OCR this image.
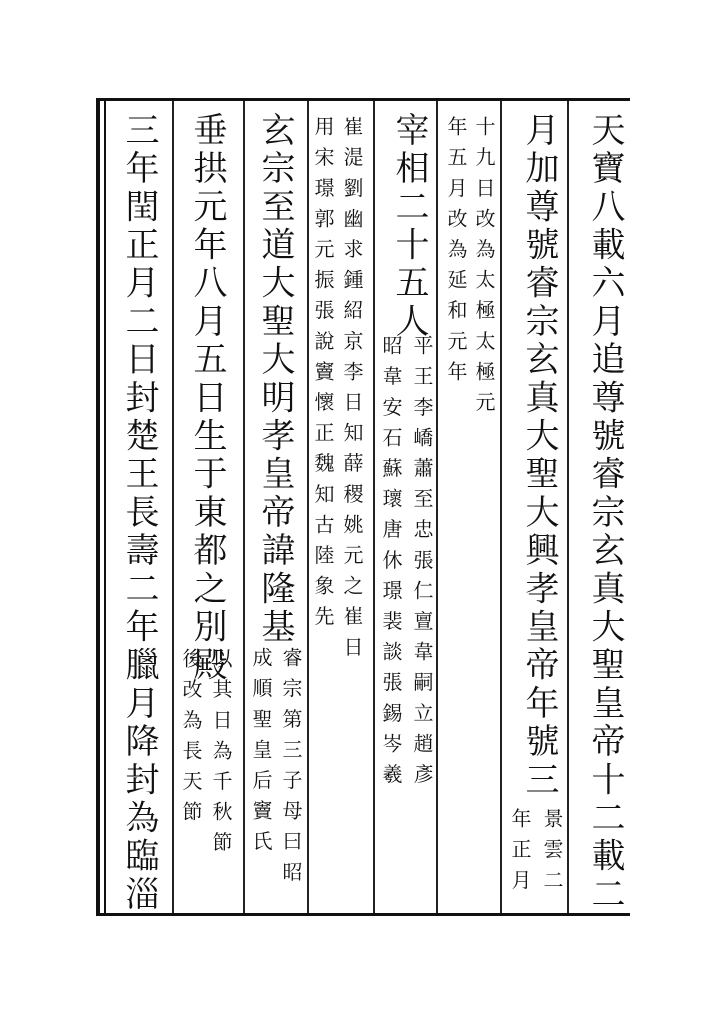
天寶八載六月追尊號睿宗玄真大聖皇帝十二載二
月加尊號睿宗玄真大聖大興孝皇帝年號三
景雲二
年正月
十九日改為太極太極元
年五月改為延和元年
宰相二十五人
平王李嶠蕭至忠張仁亶韋嗣立趙彥
昭韋安石蘇瓌唐休璟裴談張錫岑羲
崔湜劉幽求鍾紹京李日知薛稷姚元之崔日
用宋璟郭元振張說竇懷正魏知古陸象先
玄宗至道大聖大明孝皇帝諱隆基
睿宗第三子母曰昭
成順聖皇后竇氏
垂拱元年八月五日生于東都之別殿
以其日為千秋節
後改為長天節
三年閏正月二日封楚王長壽二年臘月降封為臨淄
